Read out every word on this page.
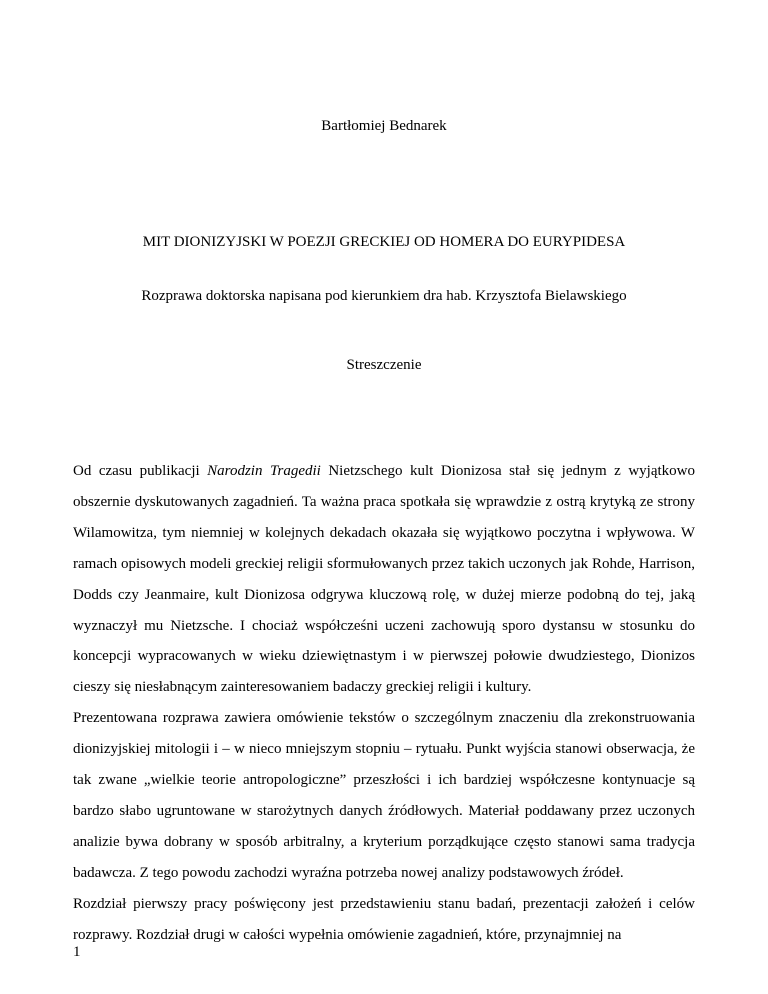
Bartłomiej Bednarek
MIT DIONIZYJSKI W POEZJI GRECKIEJ OD HOMERA DO EURYPIDESA
Rozprawa doktorska napisana pod kierunkiem dra hab. Krzysztofa Bielawskiego
Streszczenie

Od czasu publikacji Narodzin Tragedii Nietzschego kult Dionizosa stał się jednym z wyjątkowo obszernie dyskutowanych zagadnień. Ta ważna praca spotkała się wprawdzie z ostrą krytyką ze strony Wilamowitza, tym niemniej w kolejnych dekadach okazała się wyjątkowo poczytna i wpływowa. W ramach opisowych modeli greckiej religii sformułowanych przez takich uczonych jak Rohde, Harrison, Dodds czy Jeanmaire, kult Dionizosa odgrywa kluczową rolę, w dużej mierze podobną do tej, jaką wyznaczył mu Nietzsche. I chociaż współcześni uczeni zachowują sporo dystansu w stosunku do koncepcji wypracowanych w wieku dziewiętnastym i w pierwszej połowie dwudziestego, Dionizos cieszy się niesłabnącym zainteresowaniem badaczy greckiej religii i kultury.

Prezentowana rozprawa zawiera omówienie tekstów o szczególnym znaczeniu dla zrekonstruowania dionizyjskiej mitologii i – w nieco mniejszym stopniu – rytuału. Punkt wyjścia stanowi obserwacja, że tak zwane „wielkie teorie antropologiczne” przeszłości i ich bardziej współczesne kontynuacje są bardzo słabo ugruntowane w starożytnych danych źródłowych. Materiał poddawany przez uczonych analizie bywa dobrany w sposób arbitralny, a kryterium porządkujące często stanowi sama tradycja badawcza. Z tego powodu zachodzi wyraźna potrzeba nowej analizy podstawowych źródeł.

Rozdział pierwszy pracy poświęcony jest przedstawieniu stanu badań, prezentacji założeń i celów rozprawy. Rozdział drugi w całości wypełnia omówienie zagadnień, które, przynajmniej na

1
